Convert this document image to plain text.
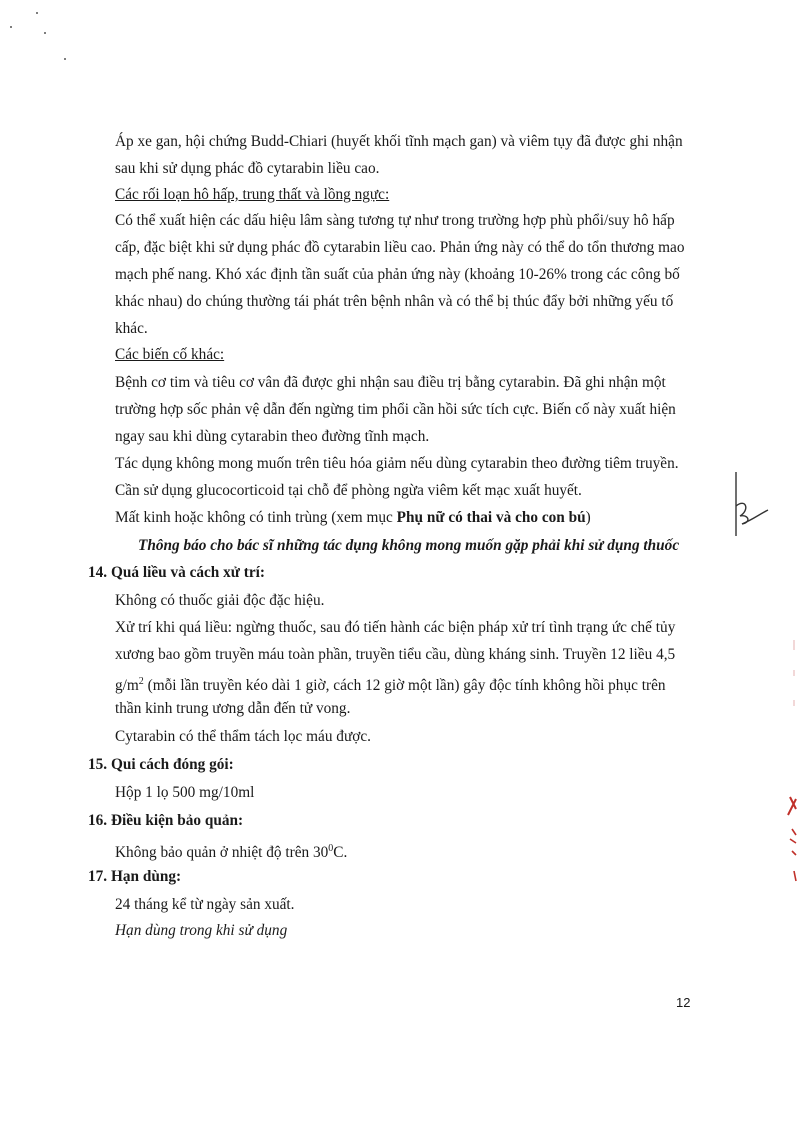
Áp xe gan, hội chứng Budd-Chiari (huyết khối tĩnh mạch gan) và viêm tụy đã được ghi nhận
sau khi sử dụng phác đồ cytarabin liều cao.
Các rối loạn hô hấp, trung thất và lồng ngực:
Có thể xuất hiện các dấu hiệu lâm sàng tương tự như trong trường hợp phù phổi/suy hô hấp
cấp, đặc biệt khi sử dụng phác đồ cytarabin liều cao. Phản ứng này có thể do tổn thương mao
mạch phế nang. Khó xác định tần suất của phản ứng này (khoảng 10-26% trong các công bố
khác nhau) do chúng thường tái phát trên bệnh nhân và có thể bị thúc đẩy bởi những yếu tố
khác.
Các biến cố khác:
Bệnh cơ tim và tiêu cơ vân đã được ghi nhận sau điều trị bằng cytarabin. Đã ghi nhận một
trường hợp sốc phản vệ dẫn đến ngừng tim phổi cần hồi sức tích cực. Biến cố này xuất hiện
ngay sau khi dùng cytarabin theo đường tĩnh mạch.
Tác dụng không mong muốn trên tiêu hóa giảm nếu dùng cytarabin theo đường tiêm truyền.
Cần sử dụng glucocorticoid tại chỗ để phòng ngừa viêm kết mạc xuất huyết.
Mất kinh hoặc không có tinh trùng (xem mục Phụ nữ có thai và cho con bú)
Thông báo cho bác sĩ những tác dụng không mong muốn gặp phải khi sử dụng thuốc
14. Quá liều và cách xử trí:
Không có thuốc giải độc đặc hiệu.
Xử trí khi quá liều: ngừng thuốc, sau đó tiến hành các biện pháp xử trí tình trạng ức chế tủy
xương bao gồm truyền máu toàn phần, truyền tiểu cầu, dùng kháng sinh. Truyền 12 liều 4,5
$g/m^2$ (mỗi lần truyền kéo dài 1 giờ, cách 12 giờ một lần) gây độc tính không hồi phục trên
thần kinh trung ương dẫn đến tử vong.
Cytarabin có thể thẩm tách lọc máu được.
15. Qui cách đóng gói:
Hộp 1 lọ 500 mg/10ml
16. Điều kiện bảo quản:
Không bảo quản ở nhiệt độ trên $30^0C$.
17. Hạn dùng:
24 tháng kể từ ngày sản xuất.
Hạn dùng trong khi sử dụng
12
